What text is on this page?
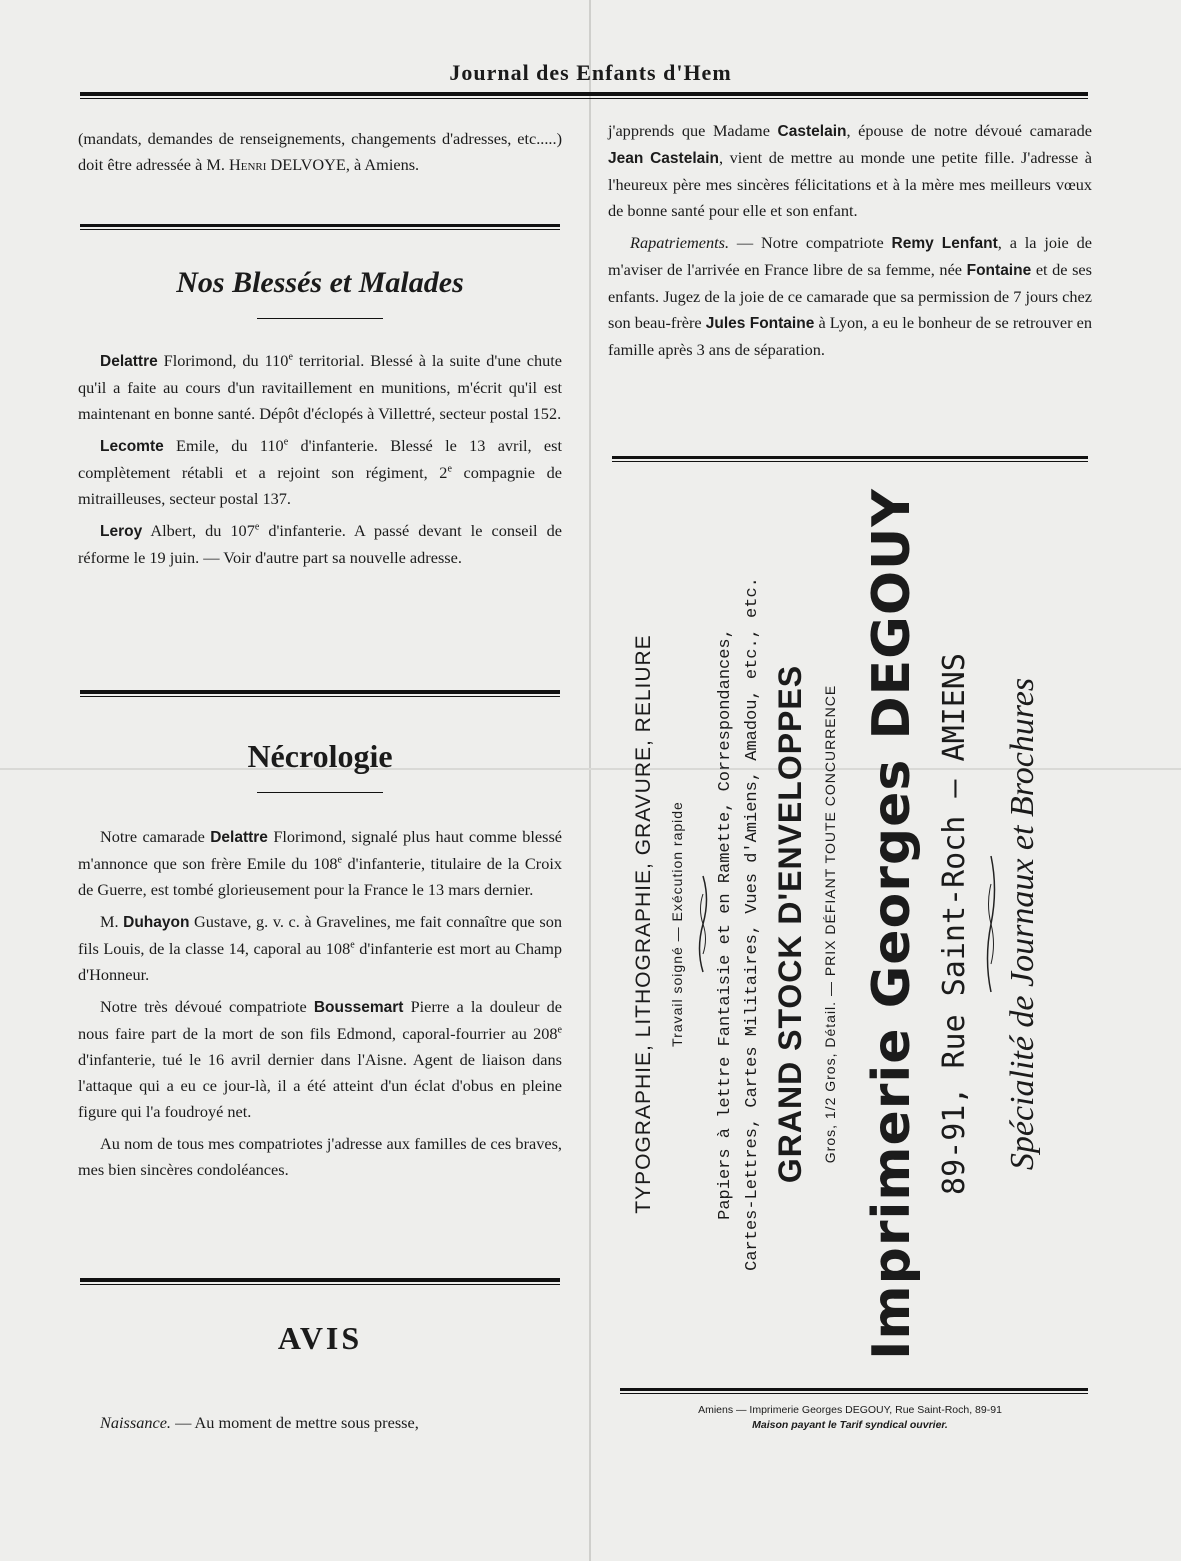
Journal des Enfants d'Hem

(mandats, demandes de renseignements, changements d'adresses, etc.....) doit être adressée à M. Henri DELVOYE, à Amiens.

Nos Blessés et Malades

Delattre Florimond, du 110e territorial. Blessé à la suite d'une chute qu'il a faite au cours d'un ravitaillement en munitions, m'écrit qu'il est maintenant en bonne santé. Dépôt d'éclopés à Villettré, secteur postal 152.

Lecomte Emile, du 110e d'infanterie. Blessé le 13 avril, est complètement rétabli et a rejoint son régiment, 2e compagnie de mitrailleuses, secteur postal 137.

Leroy Albert, du 107e d'infanterie. A passé devant le conseil de réforme le 19 juin. — Voir d'autre part sa nouvelle adresse.

Nécrologie

Notre camarade Delattre Florimond, signalé plus haut comme blessé m'annonce que son frère Emile du 108e d'infanterie, titulaire de la Croix de Guerre, est tombé glorieusement pour la France le 13 mars dernier.

M. Duhayon Gustave, g. v. c. à Gravelines, me fait connaître que son fils Louis, de la classe 14, caporal au 108e d'infanterie est mort au Champ d'Honneur.

Notre très dévoué compatriote Boussemart Pierre a la douleur de nous faire part de la mort de son fils Edmond, caporal-fourrier au 208e d'infanterie, tué le 16 avril dernier dans l'Aisne. Agent de liaison dans l'attaque qui a eu ce jour-là, il a été atteint d'un éclat d'obus en pleine figure qui l'a foudroyé net.

Au nom de tous mes compatriotes j'adresse aux familles de ces braves, mes bien sincères condoléances.

AVIS

Naissance. — Au moment de mettre sous presse,

j'apprends que Madame Castelain, épouse de notre dévoué camarade Jean Castelain, vient de mettre au monde une petite fille. J'adresse à l'heureux père mes sincères félicitations et à la mère mes meilleurs vœux de bonne santé pour elle et son enfant.

Rapatriements. — Notre compatriote Remy Lenfant, a la joie de m'aviser de l'arrivée en France libre de sa femme, née Fontaine et de ses enfants. Jugez de la joie de ce camarade que sa permission de 7 jours chez son beau-frère Jules Fontaine à Lyon, a eu le bonheur de se retrouver en famille après 3 ans de séparation.

TYPOGRAPHIE, LITHOGRAPHIE, GRAVURE, RELIURE Travail soigné — Exécution rapide Papiers à lettre Fantaisie et en Ramette, Correspondances, Cartes-Lettres, Cartes Militaires, Vues d'Amiens, Amadou, etc., etc. GRAND STOCK D'ENVELOPPES Gros, 1/2 Gros, Détail. — PRIX DÉFIANT TOUTE CONCURRENCE Imprimerie Georges DEGOUY 89-91, Rue Saint-Roch — AMIENS Spécialité de Journaux et Brochures
Amiens — Imprimerie Georges DEGOUY, Rue Saint-Roch, 89-91
Maison payant le Tarif syndical ouvrier.
